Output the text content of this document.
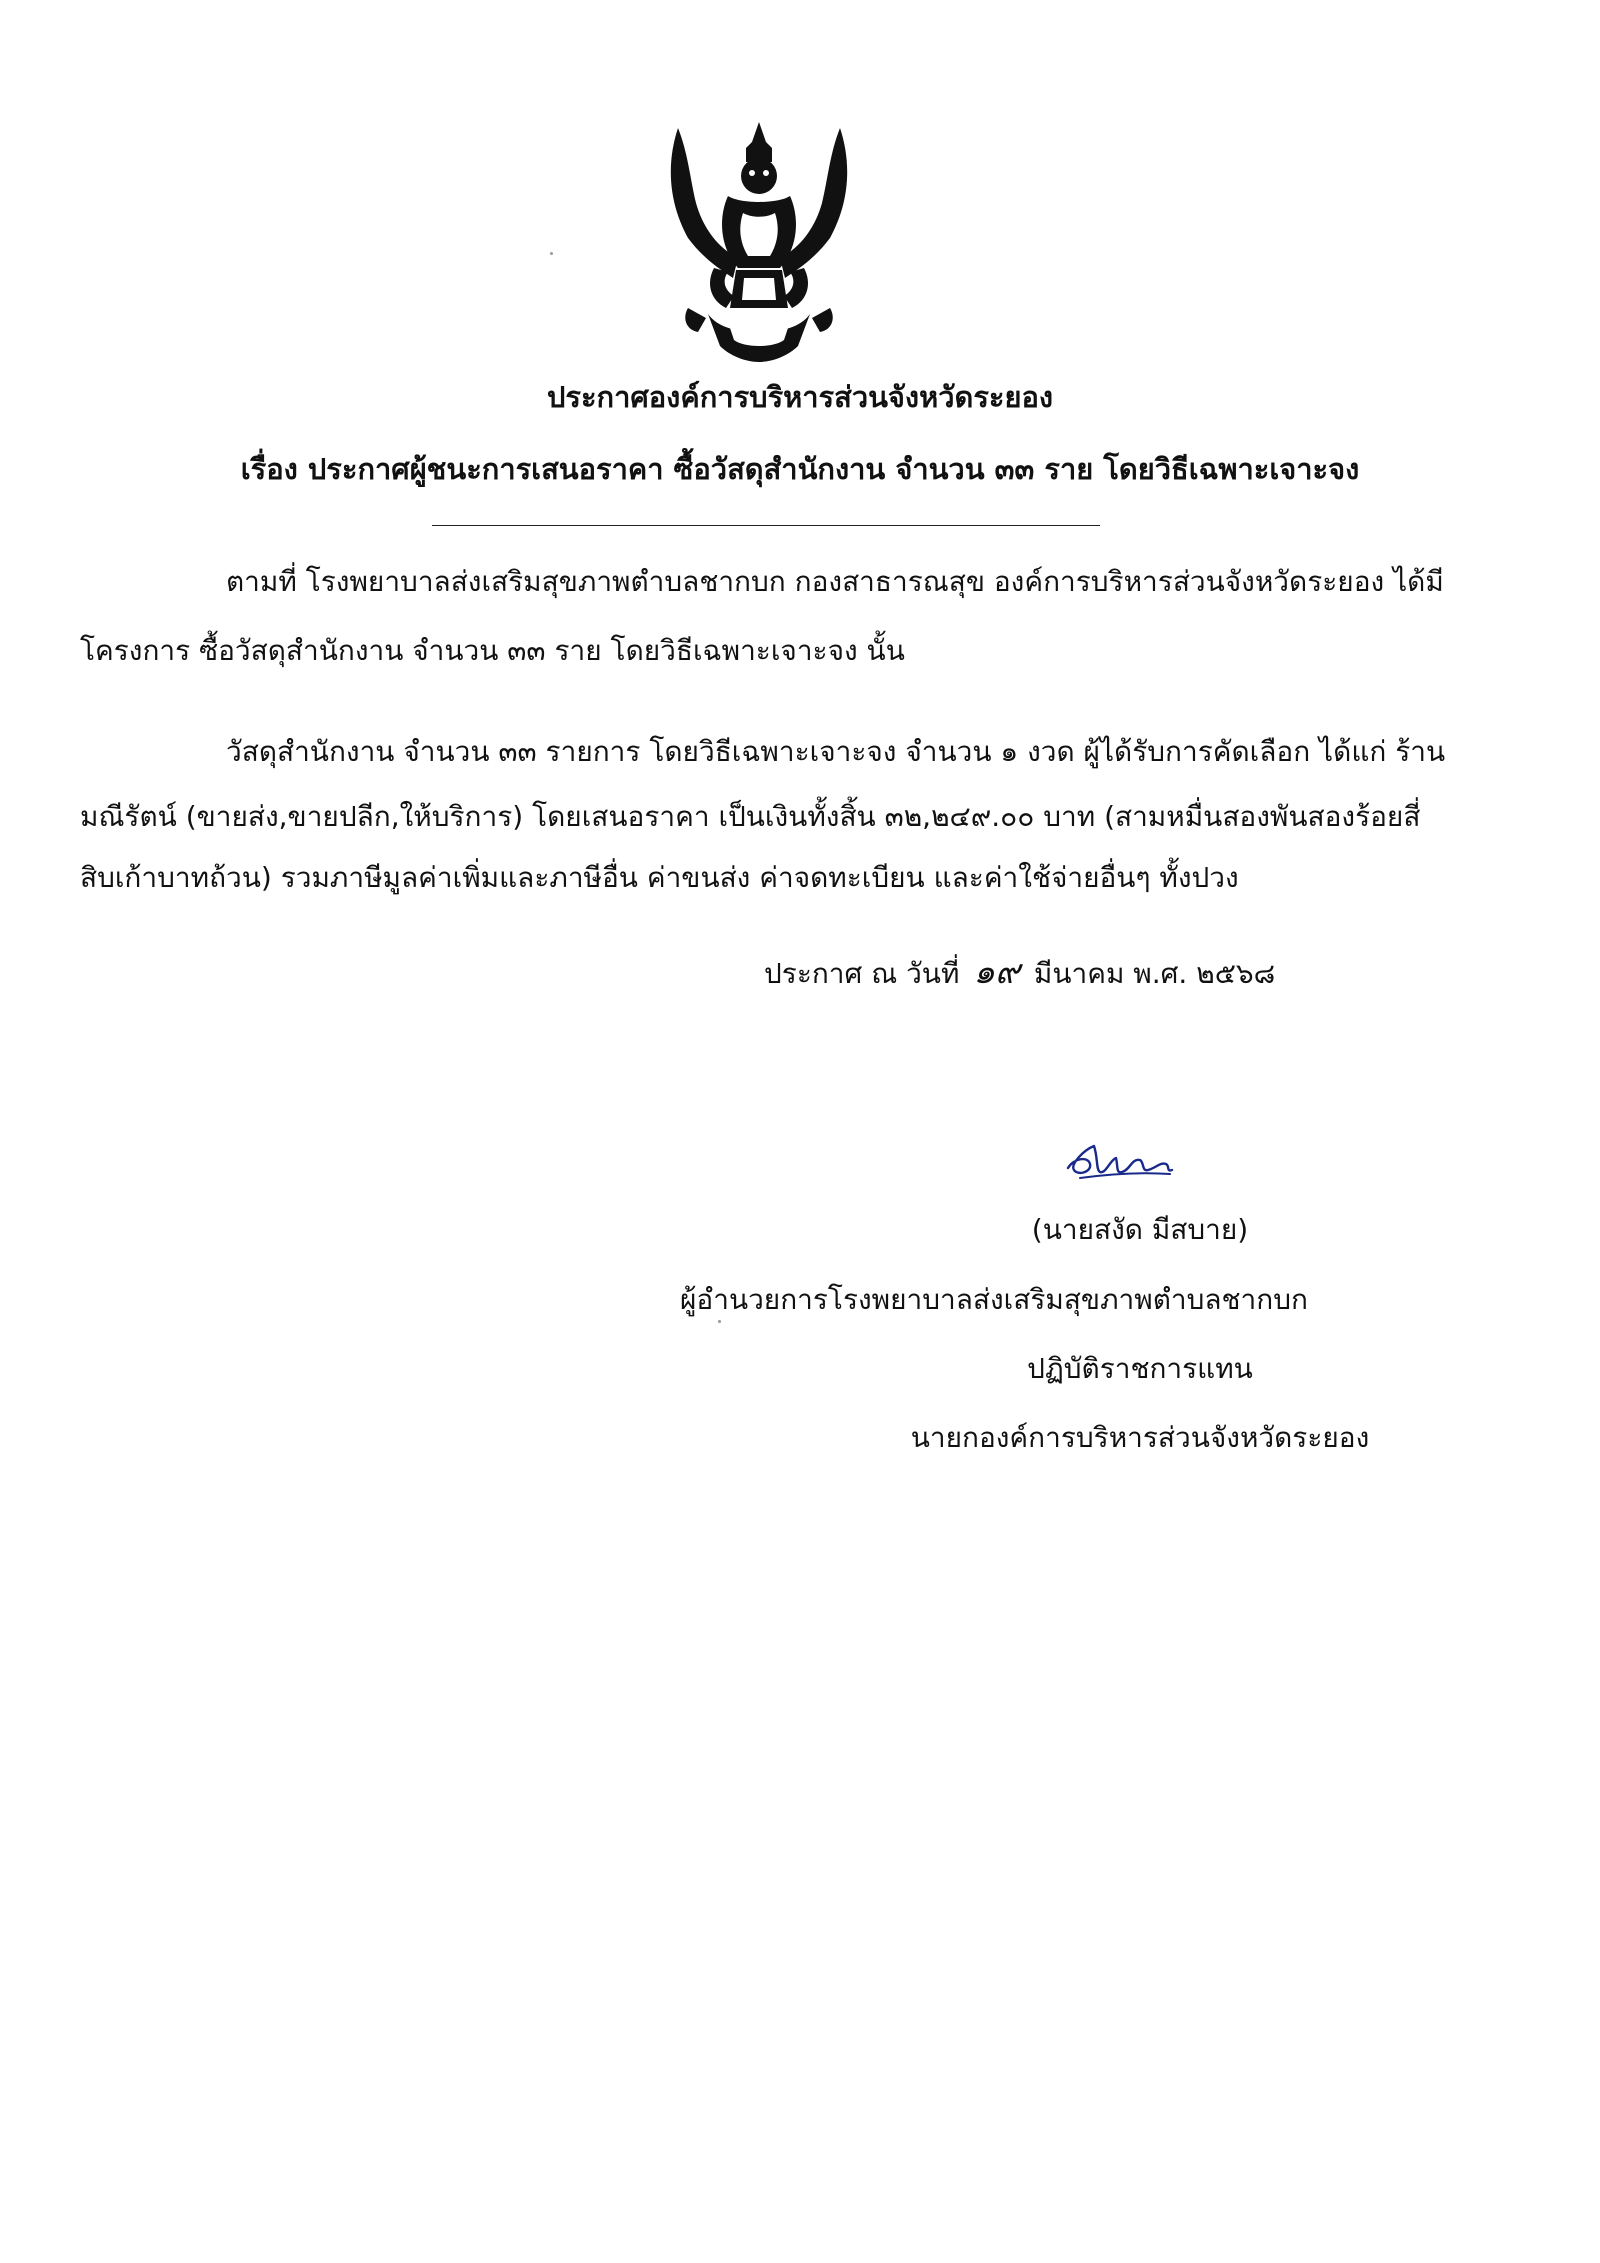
ประกาศองค์การบริหารส่วนจังหวัดระยอง
เรื่อง ประกาศผู้ชนะการเสนอราคา ซื้อวัสดุสำนักงาน จำนวน ๓๓ ราย โดยวิธีเฉพาะเจาะจง
ตามที่ โรงพยาบาลส่งเสริมสุขภาพตำบลชากบก กองสาธารณสุข องค์การบริหารส่วนจังหวัดระยอง ได้มี
โครงการ ซื้อวัสดุสำนักงาน จำนวน ๓๓ ราย โดยวิธีเฉพาะเจาะจง นั้น
วัสดุสำนักงาน จำนวน ๓๓ รายการ โดยวิธีเฉพาะเจาะจง จำนวน ๑ งวด ผู้ได้รับการคัดเลือก ได้แก่ ร้าน
มณีรัตน์ (ขายส่ง,ขายปลีก,ให้บริการ) โดยเสนอราคา เป็นเงินทั้งสิ้น ๓๒,๒๔๙.๐๐ บาท (สามหมื่นสองพันสองร้อยสี่
สิบเก้าบาทถ้วน) รวมภาษีมูลค่าเพิ่มและภาษีอื่น ค่าขนส่ง ค่าจดทะเบียน และค่าใช้จ่ายอื่นๆ ทั้งปวง
ประกาศ ณ วันที่ ๑๙ มีนาคม พ.ศ. ๒๕๖๘
(นายสงัด มีสบาย)
ผู้อำนวยการโรงพยาบาลส่งเสริมสุขภาพตำบลชากบก
ปฏิบัติราชการแทน
นายกองค์การบริหารส่วนจังหวัดระยอง
